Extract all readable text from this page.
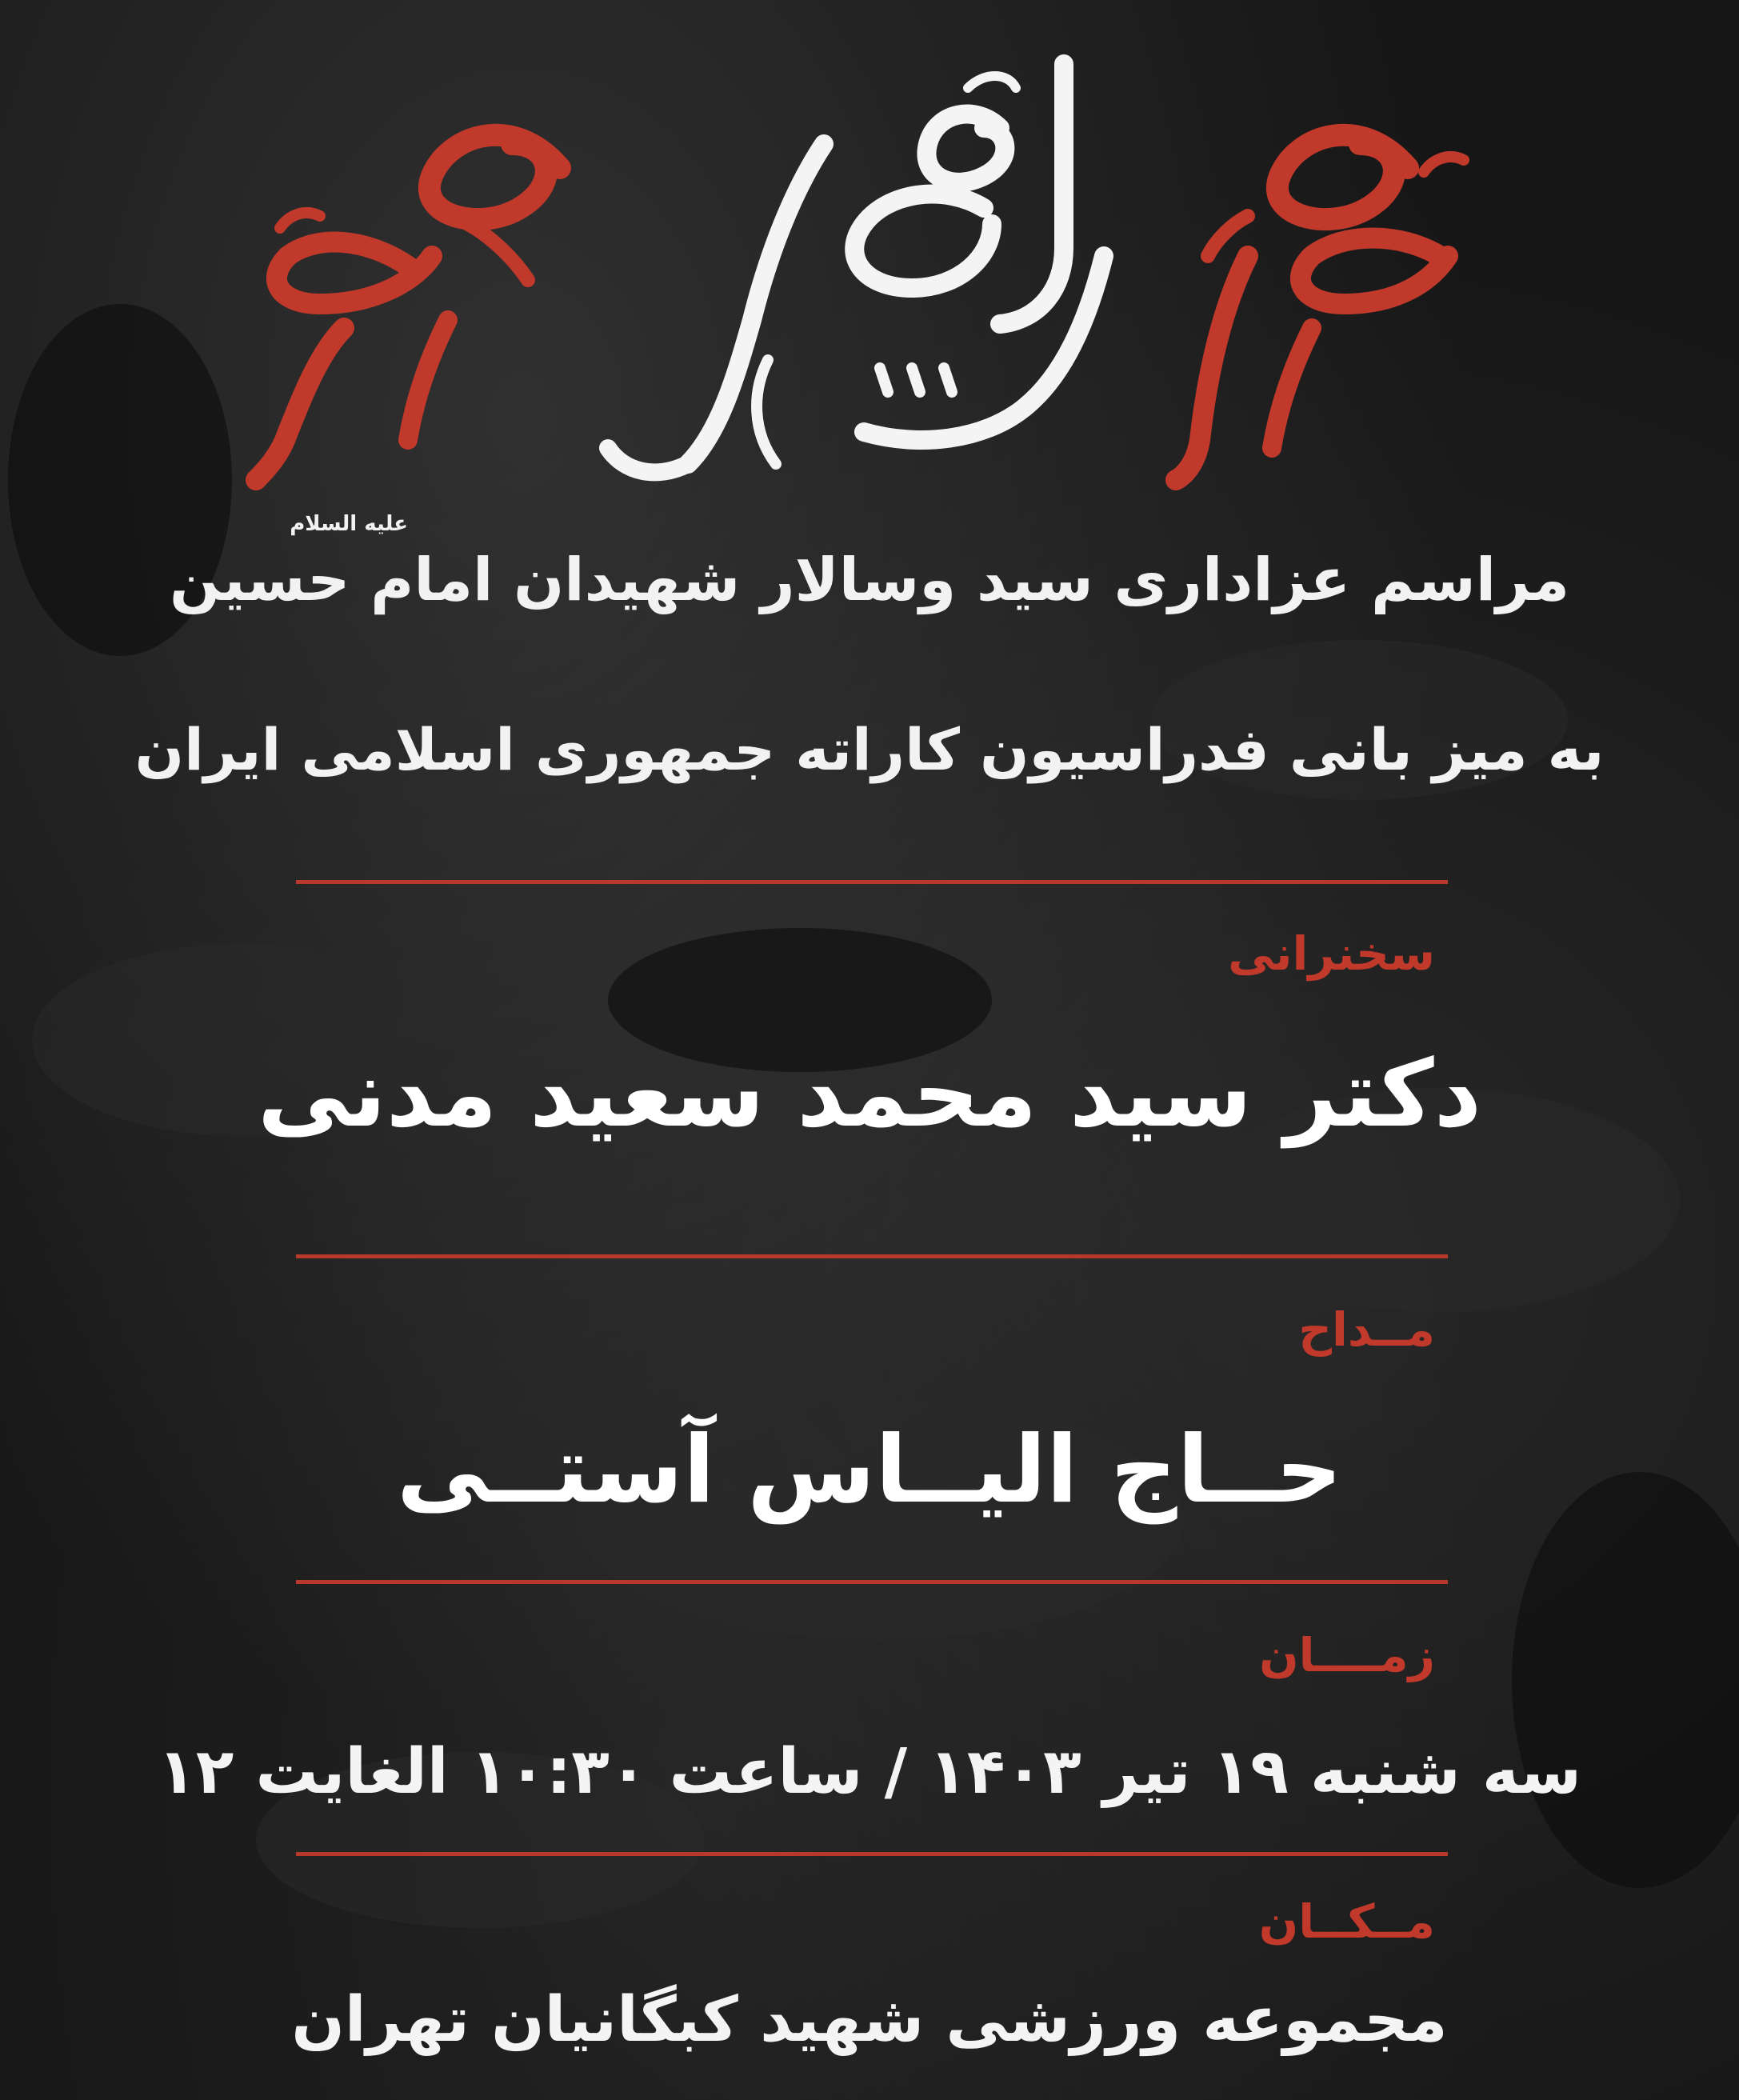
علیه السلام
مراسم عزاداری سید وسالار شهیدان امام حسین
به میز بانی فدراسیون کاراته جمهوری اسلامی ایران
سخنرانی
دکتر سید محمد سعید مدنی
مــداح
حــاج الیــاس آستــی
زمــــان
سه شنبه ۱۹ تیر ۱۴۰۳ / ساعت ۱۰:۳۰ الغایت ۱۲
مــکــان
مجموعه ورزشی شهید کبگانیان تهران
